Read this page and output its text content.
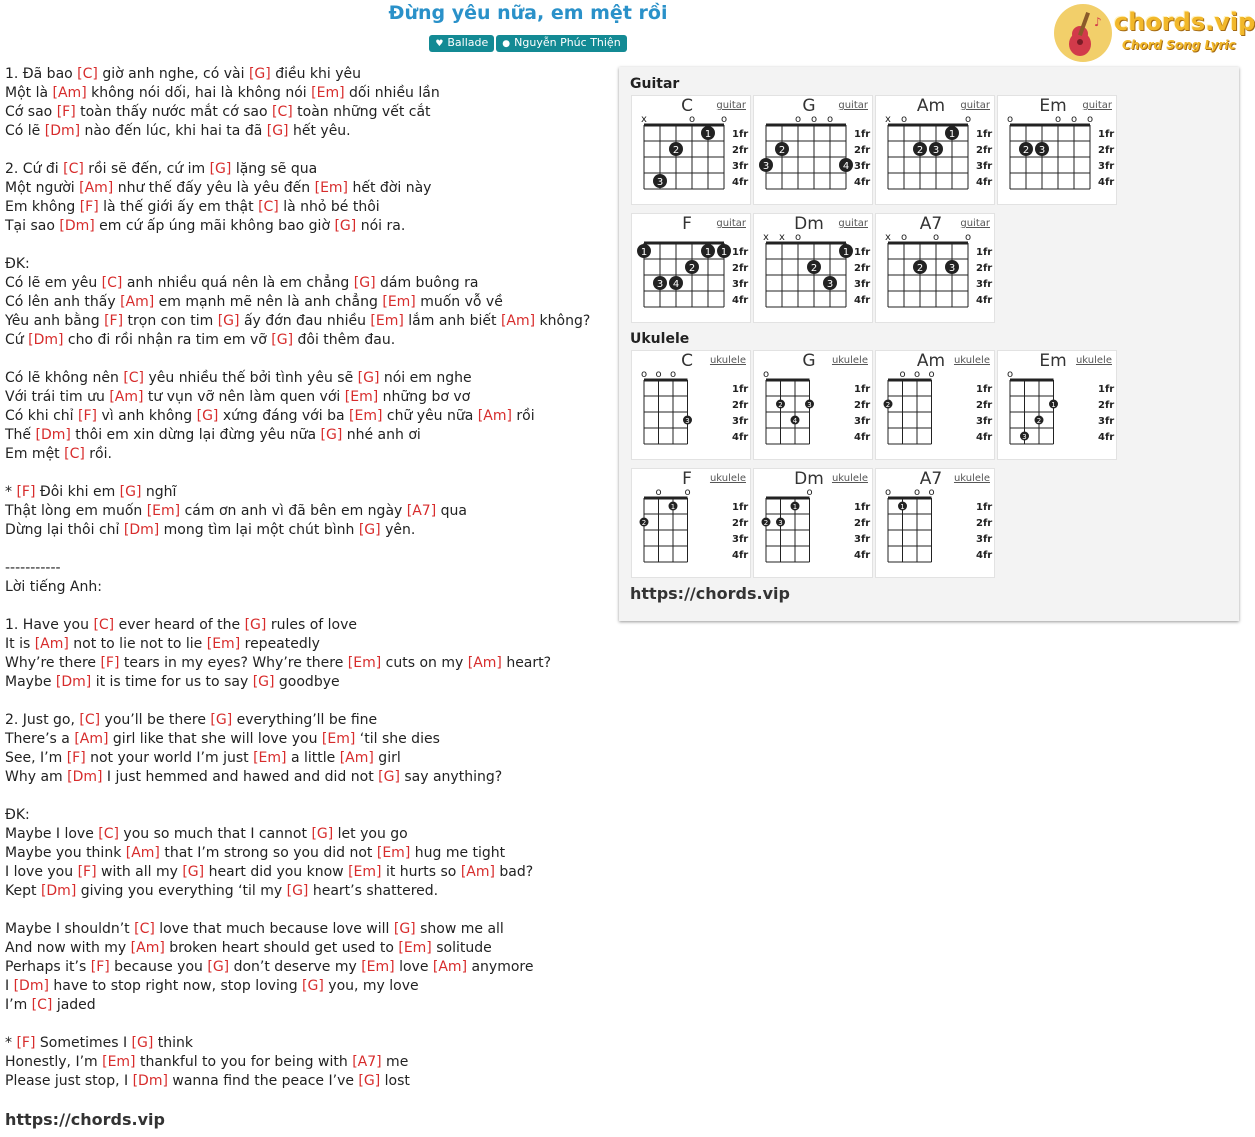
Đừng yêu nữa, em mệt rồi
♥ Ballade ● Nguyễn Phúc Thiện
♪ chords.vip
Chord Song Lyric
1. Đã bao [C] giờ anh nghe, có vài [G] điều khi yêu
Một là [Am] không nói dối, hai là không nói [Em] dối nhiều lần
Cớ sao [F] toàn thấy nước mắt cớ sao [C] toàn những vết cắt
Có lẽ [Dm] nào đến lúc, khi hai ta đã [G] hết yêu.
2. Cứ đi [C] rồi sẽ đến, cứ im [G] lặng sẽ qua
Một người [Am] như thế đấy yêu là yêu đến [Em] hết đời này
Em không [F] là thế giới ấy em thật [C] là nhỏ bé thôi
Tại sao [Dm] em cứ ấp úng mãi không bao giờ [G] nói ra.
ĐK:
Có lẽ em yêu [C] anh nhiều quá nên là em chẳng [G] dám buông ra
Có lên anh thấy [Am] em mạnh mẽ nên là anh chẳng [Em] muốn vỗ về
Yêu anh bằng [F] trọn con tim [G] ấy đớn đau nhiều [Em] lắm anh biết [Am] không?
Cứ [Dm] cho đi rồi nhận ra tim em vỡ [G] đôi thêm đau.
Có lẽ không nên [C] yêu nhiều thế bởi tình yêu sẽ [G] nói em nghe
Với trái tim ưu [Am] tư vụn vỡ nên làm quen với [Em] những bơ vơ
Có khi chỉ [F] vì anh không [G] xứng đáng với ba [Em] chữ yêu nữa [Am] rồi
Thế [Dm] thôi em xin dừng lại đừng yêu nữa [G] nhé anh ơi
Em mệt [C] rồi.
* [F] Đôi khi em [G] nghĩ
Thật lòng em muốn [Em] cám ơn anh vì đã bên em ngày [A7] qua
Dừng lại thôi chỉ [Dm] mong tìm lại một chút bình [G] yên.
-----------
Lời tiếng Anh:
1. Have you [C] ever heard of the [G] rules of love
It is [Am] not to lie not to lie [Em] repeatedly
Why’re there [F] tears in my eyes? Why’re there [Em] cuts on my [Am] heart?
Maybe [Dm] it is time for us to say [G] goodbye
2. Just go, [C] you’ll be there [G] everything’ll be fine
There’s a [Am] girl like that she will love you [Em] ‘til she dies
See, I’m [F] not your world I’m just [Em] a little [Am] girl
Why am [Dm] I just hemmed and hawed and did not [G] say anything?
ĐK:
Maybe I love [C] you so much that I cannot [G] let you go
Maybe you think [Am] that I’m strong so you did not [Em] hug me tight
I love you [F] with all my [G] heart did you know [Em] it hurts so [Am] bad?
Kept [Dm] giving you everything ‘til my [G] heart’s shattered.
Maybe I shouldn’t [C] love that much because love will [G] show me all
And now with my [Am] broken heart should get used to [Em] solitude
Perhaps it’s [F] because you [G] don’t deserve my [Em] love [Am] anymore
I [Dm] have to stop right now, stop loving [G] you, my love
I’m [C] jaded
* [F] Sometimes I [G] think
Honestly, I’m [Em] thankful to you for being with [A7] me
Please just stop, I [Dm] wanna find the peace I’ve [G] lost
https://chords.vip
Guitar
Ukulele
https://chords.vip
C	guitar
1fr
2fr
3fr
4fr
x	o	o
3
2
1
G	guitar
1fr
2fr
3fr
4fr
o o o
3
2
4
Am	guitar
1fr
2fr
3fr
4fr
x o	o
2 3
1
Em	guitar
1fr
2fr
3fr
4fr
o	o o o
2 3
F	guitar
1fr
2fr
3fr
4fr
1
3 4
2
1 1
Dm	guitar
1fr
2fr
3fr
4fr
x x o
2
3
1
A7	guitar
1fr
2fr
3fr
4fr
x o	o	o
2	3
C	ukulele
1fr
2fr
3fr
4fr
o o o
3
G	ukulele
1fr
2fr
3fr
4fr
o
2
4
3
Am ukulele
1fr
2fr
3fr
4fr
o o o
2
Em ukulele
1fr
2fr
3fr
4fr
o
3
2
1
F	ukulele
1fr
2fr
3fr
4fr
o o
2
1
Dm ukulele
1fr
2fr
3fr
4fr
o
2 3
1
A7	ukulele
1fr
2fr
3fr
4fr
o o o
1
